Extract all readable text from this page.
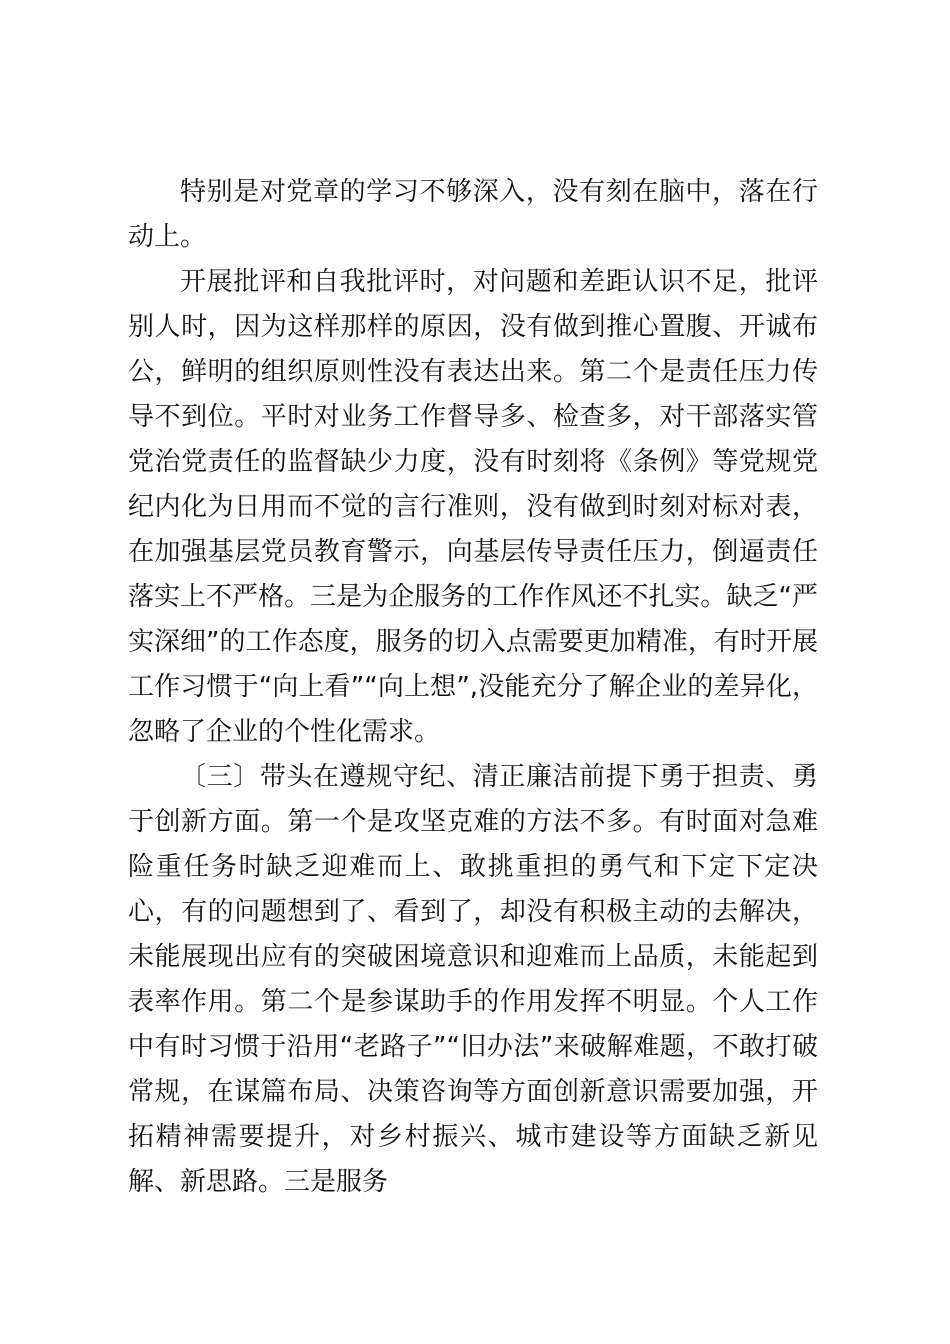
特别是对党章的学习不够深入，没有刻在脑中，落在行动上。

开展批评和自我批评时，对问题和差距认识不足，批评别人时，因为这样那样的原因，没有做到推心置腹、开诚布公，鲜明的组织原则性没有表达出来。第二个是责任压力传导不到位。平时对业务工作督导多、检查多，对干部落实管党治党责任的监督缺少力度，没有时刻将《条例》等党规党纪内化为日用而不觉的言行准则，没有做到时刻对标对表，在加强基层党员教育警示，向基层传导责任压力，倒逼责任落实上不严格。三是为企服务的工作作风还不扎实。缺乏“严实深细”的工作态度，服务的切入点需要更加精准，有时开展工作习惯于“向上看”“向上想”,没能充分了解企业的差异化，忽略了企业的个性化需求。

〔三〕带头在遵规守纪、清正廉洁前提下勇于担责、勇于创新方面。第一个是攻坚克难的方法不多。有时面对急难险重任务时缺乏迎难而上、敢挑重担的勇气和下定下定决心，有的问题想到了、看到了，却没有积极主动的去解决，未能展现出应有的突破困境意识和迎难而上品质，未能起到表率作用。第二个是参谋助手的作用发挥不明显。个人工作中有时习惯于沿用“老路子”“旧办法”来破解难题，不敢打破常规，在谋篇布局、决策咨询等方面创新意识需要加强，开拓精神需要提升，对乡村振兴、城市建设等方面缺乏新见解、新思路。三是服务
